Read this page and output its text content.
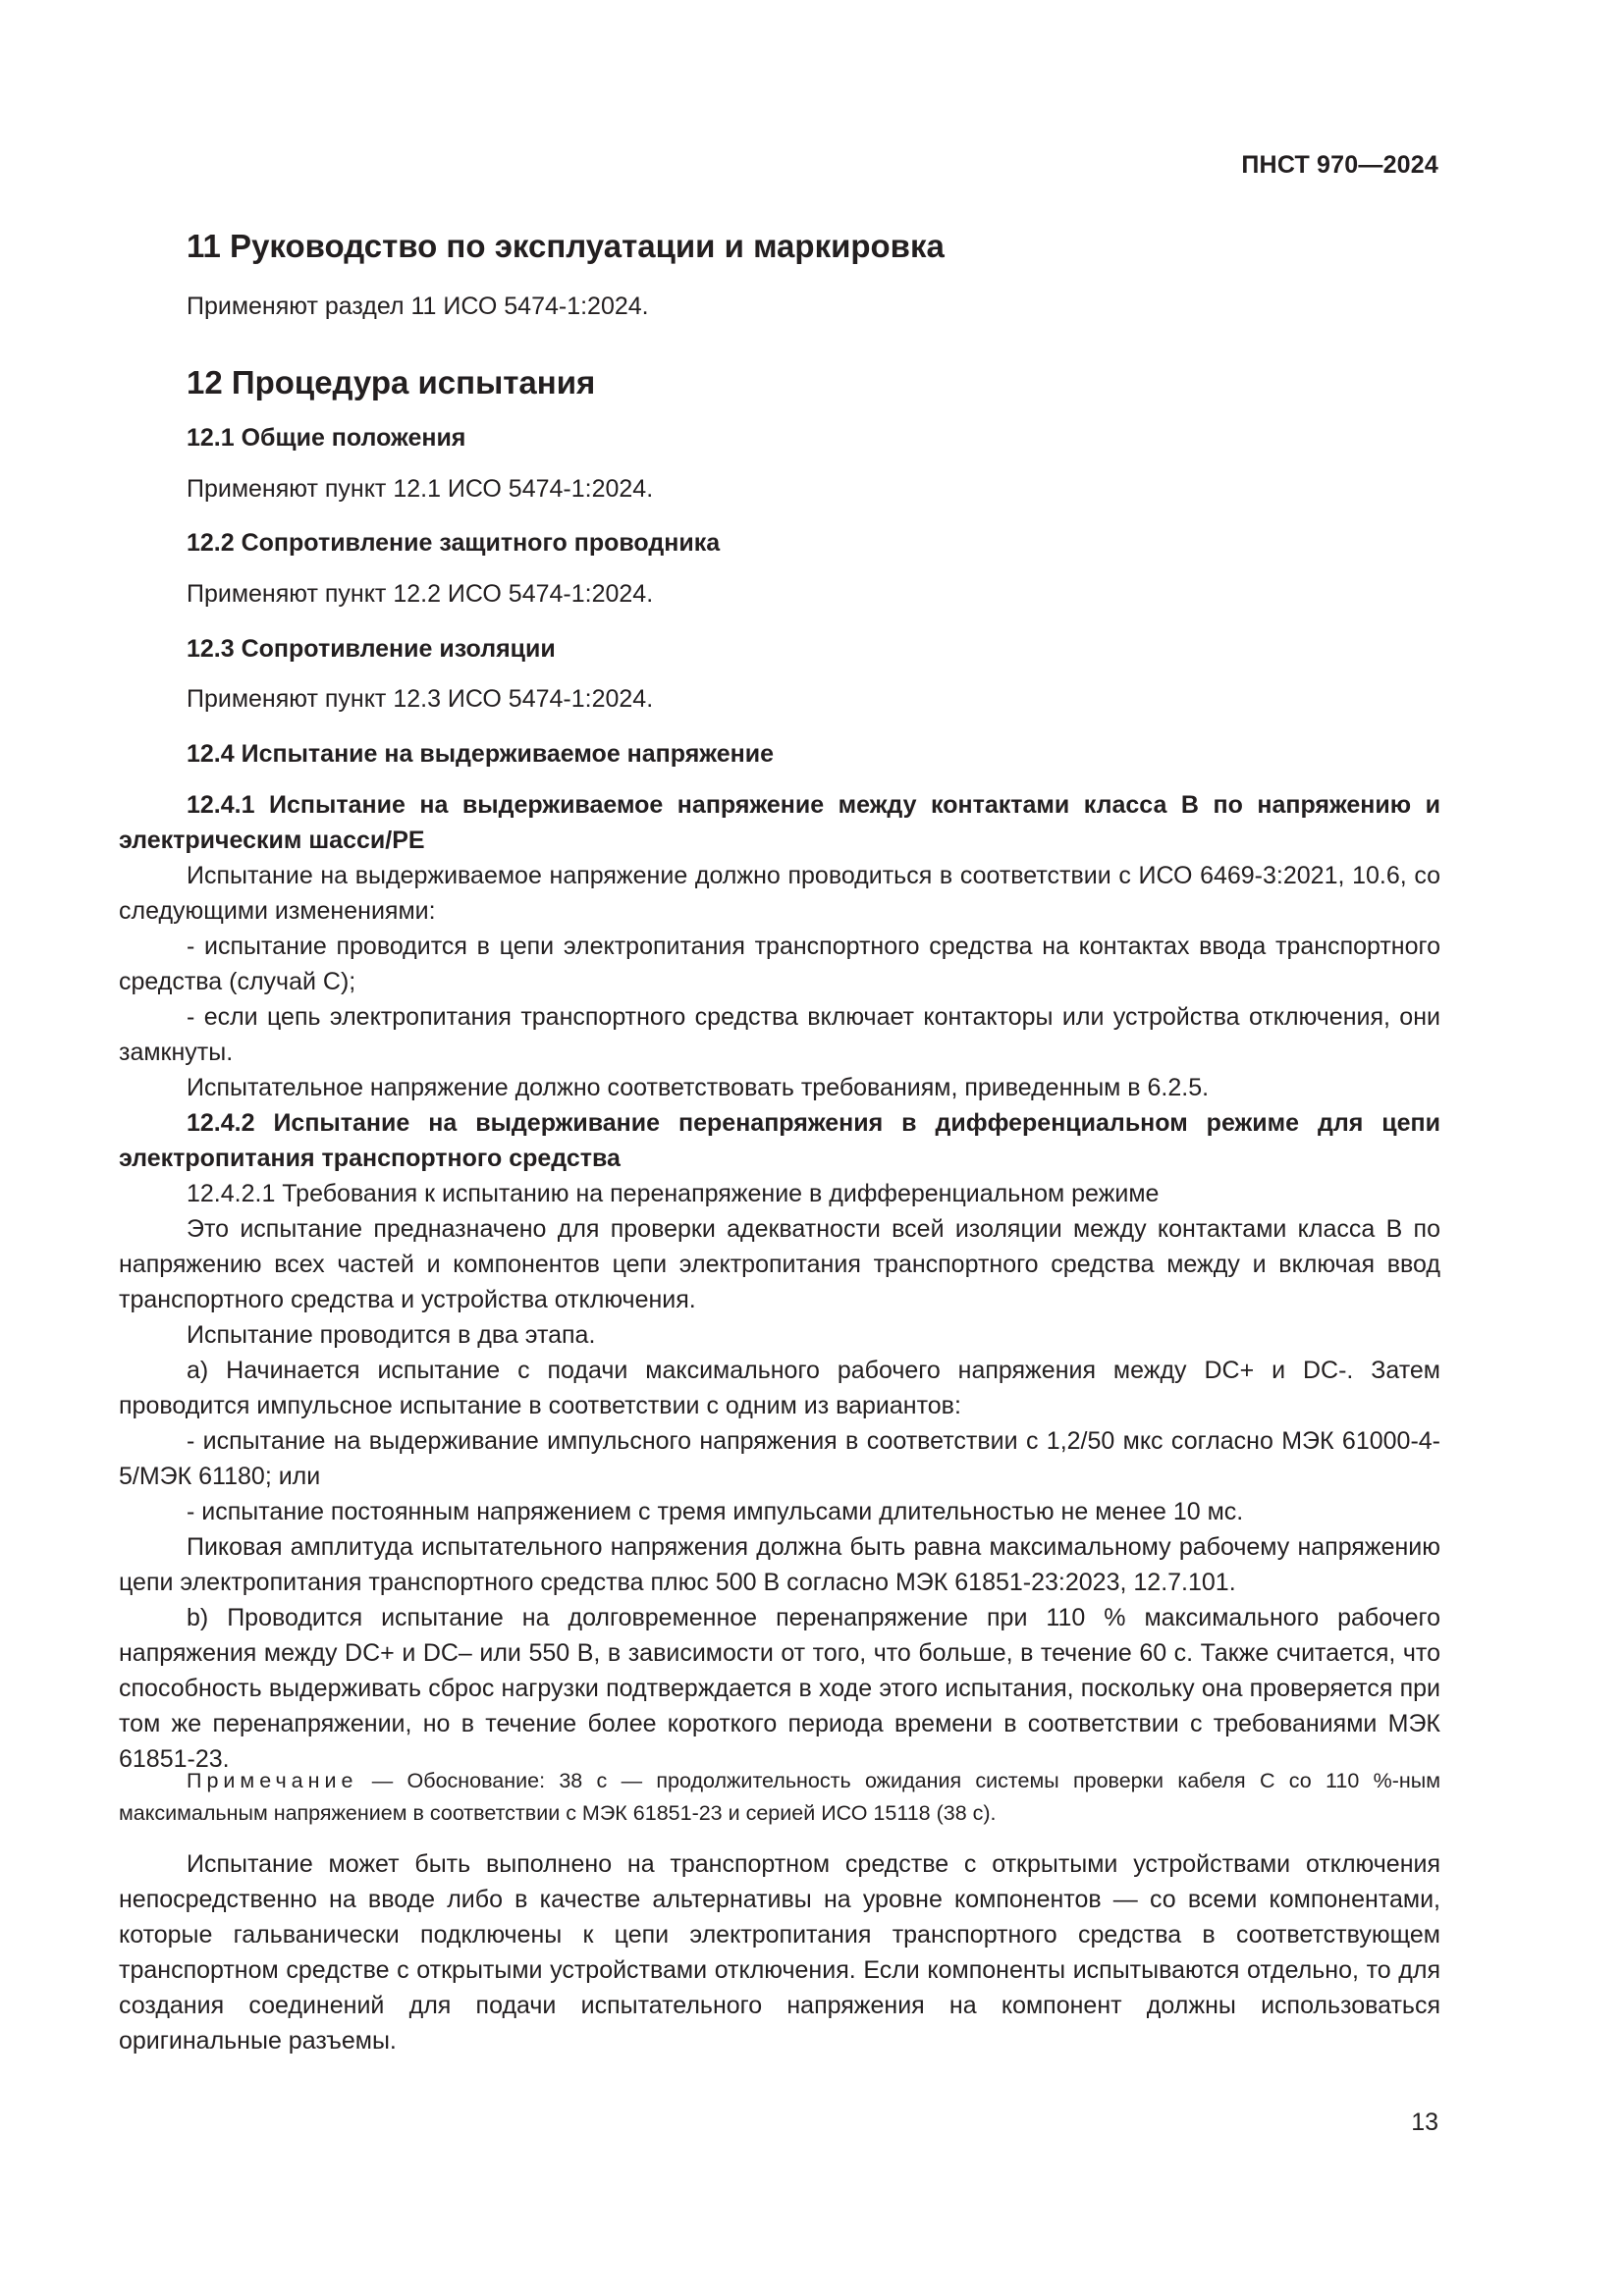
ПНСТ 970—2024
11 Руководство по эксплуатации и маркировка
Применяют раздел 11 ИСО 5474-1:2024.
12 Процедура испытания
12.1 Общие положения
Применяют пункт 12.1 ИСО 5474-1:2024.
12.2 Сопротивление защитного проводника
Применяют пункт 12.2 ИСО 5474-1:2024.
12.3 Сопротивление изоляции
Применяют пункт 12.3 ИСО 5474-1:2024.
12.4 Испытание на выдерживаемое напряжение

12.4.1 Испытание на выдерживаемое напряжение между контактами класса В по напряжению и электрическим шасси/PE

Испытание на выдерживаемое напряжение должно проводиться в соответствии с ИСО 6469-3:2021, 10.6, со следующими изменениями:

- испытание проводится в цепи электропитания транспортного средства на контактах ввода транспортного средства (случай С);

- если цепь электропитания транспортного средства включает контакторы или устройства отключения, они замкнуты.

Испытательное напряжение должно соответствовать требованиям, приведенным в 6.2.5.

12.4.2 Испытание на выдерживание перенапряжения в дифференциальном режиме для цепи электропитания транспортного средства

12.4.2.1 Требования к испытанию на перенапряжение в дифференциальном режиме

Это испытание предназначено для проверки адекватности всей изоляции между контактами класса В по напряжению всех частей и компонентов цепи электропитания транспортного средства между и включая ввод транспортного средства и устройства отключения.

Испытание проводится в два этапа.

a) Начинается испытание с подачи максимального рабочего напряжения между DC+ и DC-. Затем проводится импульсное испытание в соответствии с одним из вариантов:

- испытание на выдерживание импульсного напряжения в соответствии с 1,2/50 мкс согласно МЭК 61000-4-5/МЭК 61180; или

- испытание постоянным напряжением с тремя импульсами длительностью не менее 10 мс.

Пиковая амплитуда испытательного напряжения должна быть равна максимальному рабочему напряжению цепи электропитания транспортного средства плюс 500 В согласно МЭК 61851-23:2023, 12.7.101.

b) Проводится испытание на долговременное перенапряжение при 110 % максимального рабочего напряжения между DC+ и DC– или 550 В, в зависимости от того, что больше, в течение 60 с. Также считается, что способность выдерживать сброс нагрузки подтверждается в ходе этого испытания, поскольку она проверяется при том же перенапряжении, но в течение более короткого периода времени в соответствии с требованиями МЭК 61851-23.

Примечание — Обоснование: 38 с — продолжительность ожидания системы проверки кабеля С со 110 %-ным максимальным напряжением в соответствии с МЭК 61851-23 и серией ИСО 15118 (38 с).

Испытание может быть выполнено на транспортном средстве с открытыми устройствами отключения непосредственно на вводе либо в качестве альтернативы на уровне компонентов — со всеми компонентами, которые гальванически подключены к цепи электропитания транспортного средства в соответствующем транспортном средстве с открытыми устройствами отключения. Если компоненты испытываются отдельно, то для создания соединений для подачи испытательного напряжения на компонент должны использоваться оригинальные разъемы.

13
